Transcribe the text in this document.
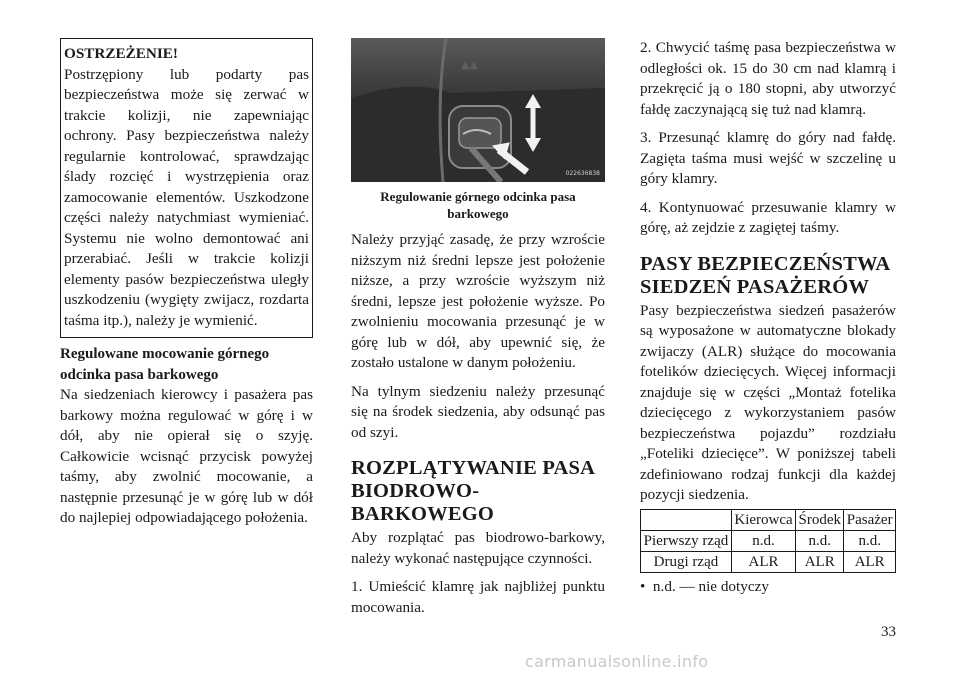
OSTRZEŻENIE!

Postrzępiony lub podarty pas bezpieczeństwa może się zerwać w trakcie kolizji, nie zapewniając ochrony. Pasy bezpieczeństwa należy regularnie kontrolować, sprawdzając ślady rozcięć i wystrzępienia oraz zamocowanie elementów. Uszkodzone części należy natychmiast wymieniać. Systemu nie wolno demontować ani przerabiać. Jeśli w trakcie kolizji elementy pasów bezpieczeństwa uległy uszkodzeniu (wygięty zwijacz, rozdarta taśma itp.), należy je wymienić.

Regulowane mocowanie górnego odcinka pasa barkowego

Na siedzeniach kierowcy i pasażera pas barkowy można regulować w górę i w dół, aby nie opierał się o szyję. Całkowicie wcisnąć przycisk powyżej taśmy, aby zwolnić mocowanie, a następnie przesunąć je w górę lub w dół do najlepiej odpowiadającego położenia.

▲▲
022636838
Regulowanie górnego odcinka pasa barkowego

Należy przyjąć zasadę, że przy wzroście niższym niż średni lepsze jest położenie niższe, a przy wzroście wyższym niż średni, lepsze jest położenie wyższe. Po zwolnieniu mocowania przesunąć je w górę lub w dół, aby upewnić się, że zostało ustalone w danym położeniu.

Na tylnym siedzeniu należy przesunąć się na środek siedzenia, aby odsunąć pas od szyi.

ROZPLĄTYWANIE PASA BIODROWO-BARKOWEGO

Aby rozplątać pas biodrowo-barkowy, należy wykonać następujące czynności.

1. Umieścić klamrę jak najbliżej punktu mocowania.

2. Chwycić taśmę pasa bezpieczeństwa w odległości ok. 15 do 30 cm nad klamrą i przekręcić ją o 180 stopni, aby utworzyć fałdę zaczynającą się tuż nad klamrą.

3. Przesunąć klamrę do góry nad fałdę. Zagięta taśma musi wejść w szczelinę u góry klamry.

4. Kontynuować przesuwanie klamry w górę, aż zejdzie z zagiętej taśmy.

PASY BEZPIECZEŃSTWA SIEDZEŃ PASAŻERÓW

Pasy bezpieczeństwa siedzeń pasażerów są wyposażone w automatyczne blokady zwijaczy (ALR) służące do mocowania fotelików dziecięcych. Więcej informacji znajduje się w części „Montaż fotelika dziecięcego z wykorzystaniem pasów bezpieczeństwa pojazdu” rozdziału „Foteliki dziecięce”. W poniższej tabeli zdefiniowano rodzaj funkcji dla każdej pozycji siedzenia.

	Kierowca	Środek	Pasażer
Pierwszy rząd	n.d.	n.d.	n.d.
Drugi rząd	ALR	ALR	ALR
•  n.d. — nie dotyczy
33
carmanualsonline.info
